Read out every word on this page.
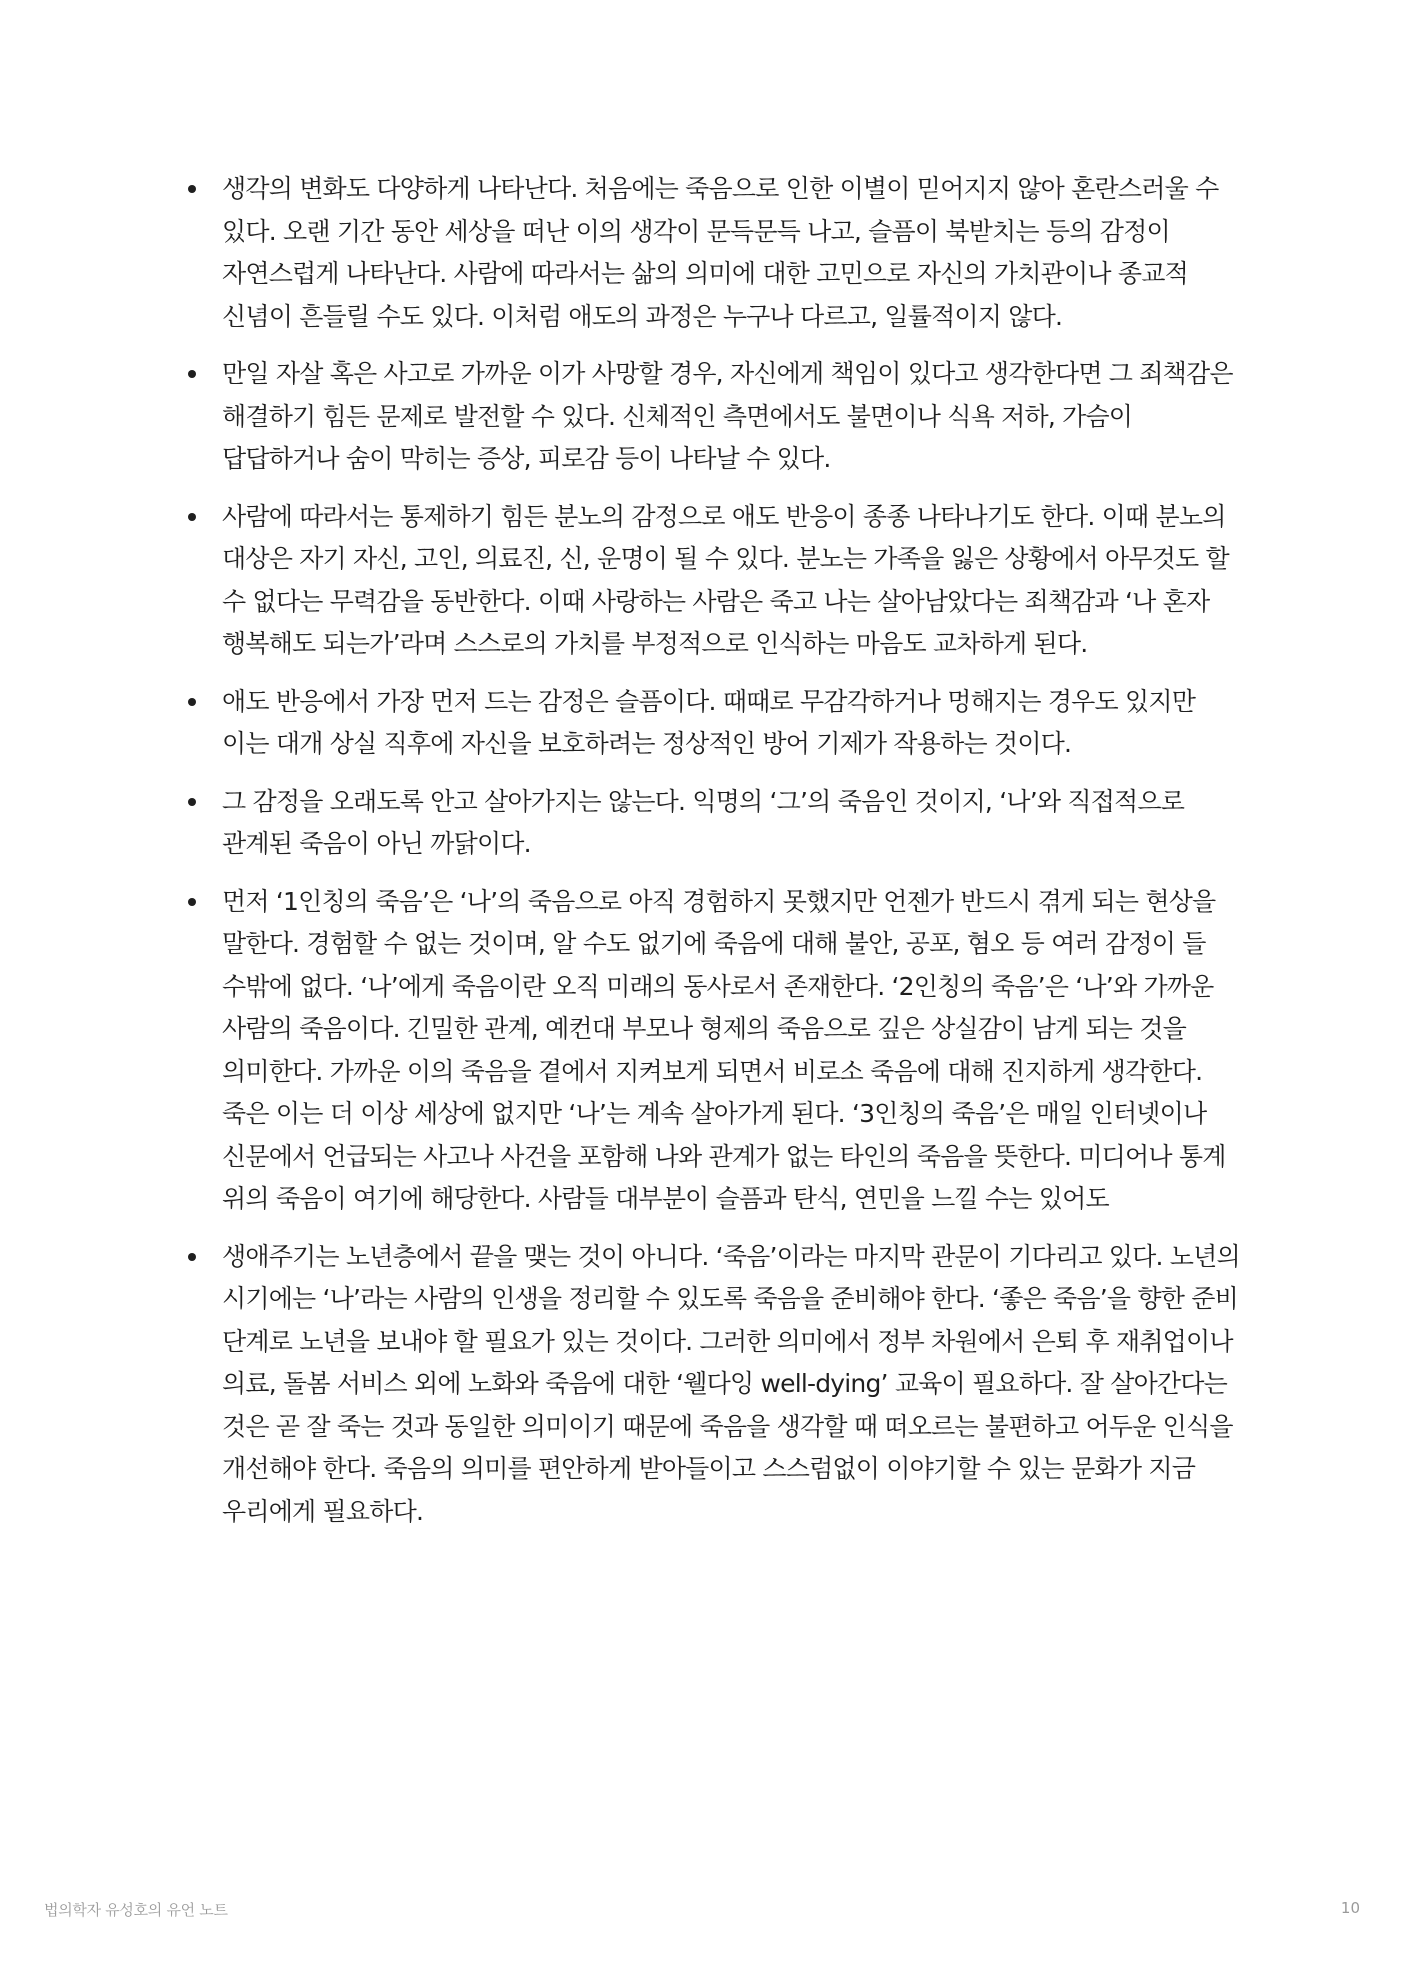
생각의 변화도 다양하게 나타난다. 처음에는 죽음으로 인한 이별이 믿어지지 않아 혼란스러울 수 있다. 오랜 기간 동안 세상을 떠난 이의 생각이 문득문득 나고, 슬픔이 북받치는 등의 감정이 자연스럽게 나타난다. 사람에 따라서는 삶의 의미에 대한 고민으로 자신의 가치관이나 종교적 신념이 흔들릴 수도 있다. 이처럼 애도의 과정은 누구나 다르고, 일률적이지 않다.
만일 자살 혹은 사고로 가까운 이가 사망할 경우, 자신에게 책임이 있다고 생각한다면 그 죄책감은 해결하기 힘든 문제로 발전할 수 있다. 신체적인 측면에서도 불면이나 식욕 저하, 가슴이 답답하거나 숨이 막히는 증상, 피로감 등이 나타날 수 있다.
사람에 따라서는 통제하기 힘든 분노의 감정으로 애도 반응이 종종 나타나기도 한다. 이때 분노의 대상은 자기 자신, 고인, 의료진, 신, 운명이 될 수 있다. 분노는 가족을 잃은 상황에서 아무것도 할 수 없다는 무력감을 동반한다. 이때 사랑하는 사람은 죽고 나는 살아남았다는 죄책감과 ‘나 혼자 행복해도 되는가’라며 스스로의 가치를 부정적으로 인식하는 마음도 교차하게 된다.
애도 반응에서 가장 먼저 드는 감정은 슬픔이다. 때때로 무감각하거나 멍해지는 경우도 있지만 이는 대개 상실 직후에 자신을 보호하려는 정상적인 방어 기제가 작용하는 것이다.
그 감정을 오래도록 안고 살아가지는 않는다. 익명의 ‘그’의 죽음인 것이지, ‘나’와 직접적으로 관계된 죽음이 아닌 까닭이다.
먼저 ‘1인칭의 죽음’은 ‘나’의 죽음으로 아직 경험하지 못했지만 언젠가 반드시 겪게 되는 현상을 말한다. 경험할 수 없는 것이며, 알 수도 없기에 죽음에 대해 불안, 공포, 혐오 등 여러 감정이 들 수밖에 없다. ‘나’에게 죽음이란 오직 미래의 동사로서 존재한다. ‘2인칭의 죽음’은 ‘나’와 가까운 사람의 죽음이다. 긴밀한 관계, 예컨대 부모나 형제의 죽음으로 깊은 상실감이 남게 되는 것을 의미한다. 가까운 이의 죽음을 곁에서 지켜보게 되면서 비로소 죽음에 대해 진지하게 생각한다. 죽은 이는 더 이상 세상에 없지만 ‘나’는 계속 살아가게 된다. ‘3인칭의 죽음’은 매일 인터넷이나 신문에서 언급되는 사고나 사건을 포함해 나와 관계가 없는 타인의 죽음을 뜻한다. 미디어나 통계 위의 죽음이 여기에 해당한다. 사람들 대부분이 슬픔과 탄식, 연민을 느낄 수는 있어도
생애주기는 노년층에서 끝을 맺는 것이 아니다. ‘죽음’이라는 마지막 관문이 기다리고 있다. 노년의 시기에는 ‘나’라는 사람의 인생을 정리할 수 있도록 죽음을 준비해야 한다. ‘좋은 죽음’을 향한 준비 단계로 노년을 보내야 할 필요가 있는 것이다. 그러한 의미에서 정부 차원에서 은퇴 후 재취업이나 의료, 돌봄 서비스 외에 노화와 죽음에 대한 ‘웰다잉 well-dying’ 교육이 필요하다. 잘 살아간다는 것은 곧 잘 죽는 것과 동일한 의미이기 때문에 죽음을 생각할 때 떠오르는 불편하고 어두운 인식을 개선해야 한다. 죽음의 의미를 편안하게 받아들이고 스스럼없이 이야기할 수 있는 문화가 지금 우리에게 필요하다.
법의학자 유성호의 유언 노트	10
